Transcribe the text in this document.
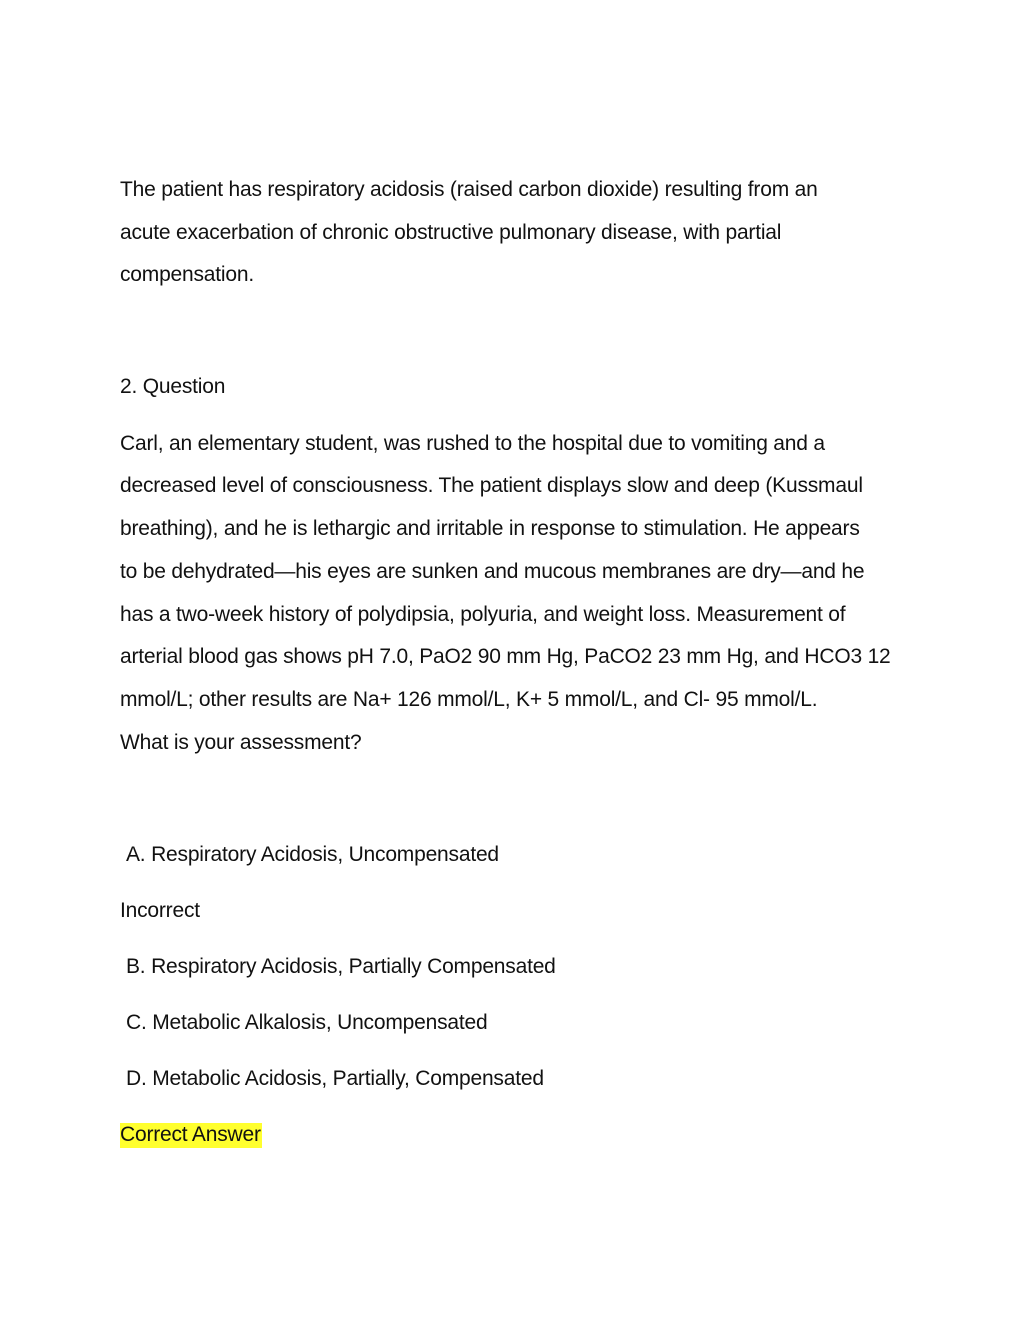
The patient has respiratory acidosis (raised carbon dioxide) resulting from an
acute exacerbation of chronic obstructive pulmonary disease, with partial
compensation.
2. Question
Carl, an elementary student, was rushed to the hospital due to vomiting and a
decreased level of consciousness. The patient displays slow and deep (Kussmaul
breathing), and he is lethargic and irritable in response to stimulation. He appears
to be dehydrated—his eyes are sunken and mucous membranes are dry—and he
has a two-week history of polydipsia, polyuria, and weight loss. Measurement of
arterial blood gas shows pH 7.0, PaO2 90 mm Hg, PaCO2 23 mm Hg, and HCO3 12
mmol/L; other results are Na+ 126 mmol/L, K+ 5 mmol/L, and Cl- 95 mmol/L.
What is your assessment?
A. Respiratory Acidosis, Uncompensated
Incorrect
B. Respiratory Acidosis, Partially Compensated
C. Metabolic Alkalosis, Uncompensated
D. Metabolic Acidosis, Partially, Compensated
Correct Answer
